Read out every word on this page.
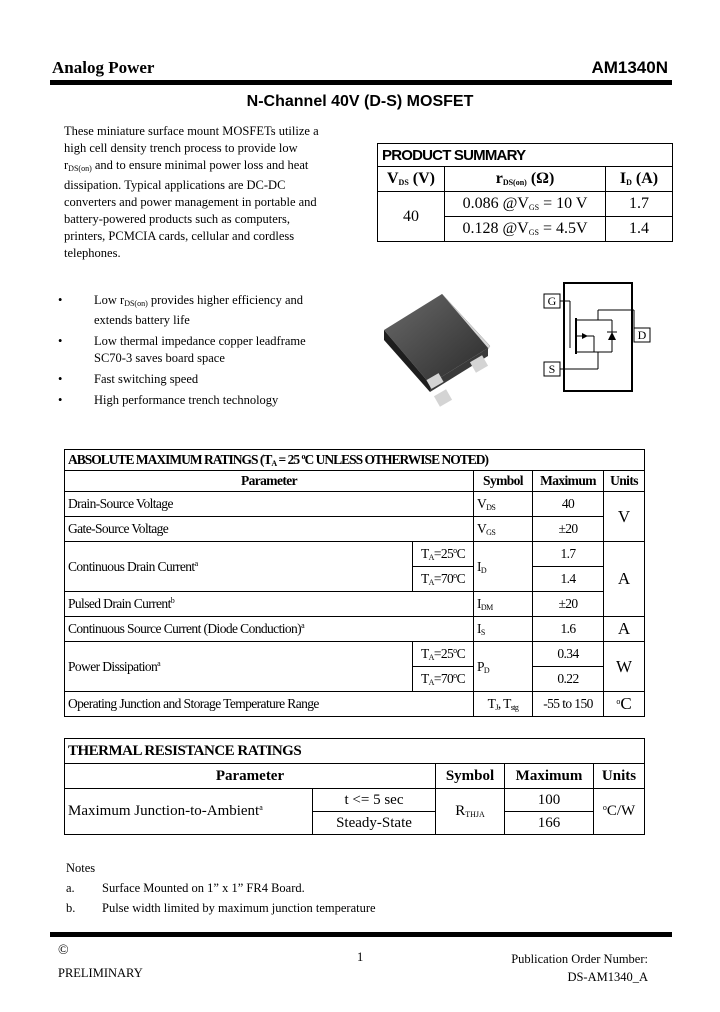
Analog Power	AM1340N
N-Channel 40V (D-S) MOSFET

These miniature surface mount MOSFETs utilize a

high cell density trench process to provide low

$r_{DS(on)}$ and to ensure minimal power loss and heat

dissipation. Typical applications are DC-DC

converters and power management in portable and

battery-powered products such as computers,

printers, PCMCIA cards, cellular and cordless

telephones.

PRODUCT SUMMARY		
$V_{DS}$ (V)	$r_{DS(on)}$ (Ω)	$I_D$ (A)
40	0.086 $@V_{GS} = 10$ V	1.7
	0.128 $@V_{GS} = 4.5V$	1.4
•	Low $r_{DS(on)}$ provides higher efficiency and
extends battery life
•	Low thermal impedance copper leadframe
SC70-3 saves board space
•	Fast switching speed
•	High performance trench technology
G
S
D
ABSOLUTE MAXIMUM RATINGS ($T_A = 25$ $^o$C UNLESS OTHERWISE NOTED)				
Parameter		Symbol	Maximum	Units
Drain-Source Voltage		$V_{DS}$	40	V
Gate-Source Voltage		$V_{GS}$	±20	
Continuous Drain Current$^a$	$T_A=25^oC$	$I_D$	1.7	A
	$T_A=70^oC$		1.4	
Pulsed Drain Current$^b$		$I_{DM}$	±20	
Continuous Source Current (Diode Conduction)$^a$		$I_S$	1.6	A
Power Dissipation$^a$	$T_A=25^oC$	$P_D$	0.34	W
	$T_A=70^oC$		0.22	
Operating Junction and Storage Temperature Range		$T_J$, $T_{stg}$	-55 to 150	$^o$C
THERMAL RESISTANCE RATINGS				
Parameter		Symbol	Maximum	Units
Maximum Junction-to-Ambient$^a$	t <= 5 sec	$R_{THJA}$	100	$^o$C/W
	Steady-State		166	
Notes
a.	Surface Mounted on 1” x 1” FR4 Board.
b.	Pulse width limited by maximum junction temperature
©
PRELIMINARY
1	Publication Order Number:
DS-AM1340_A
